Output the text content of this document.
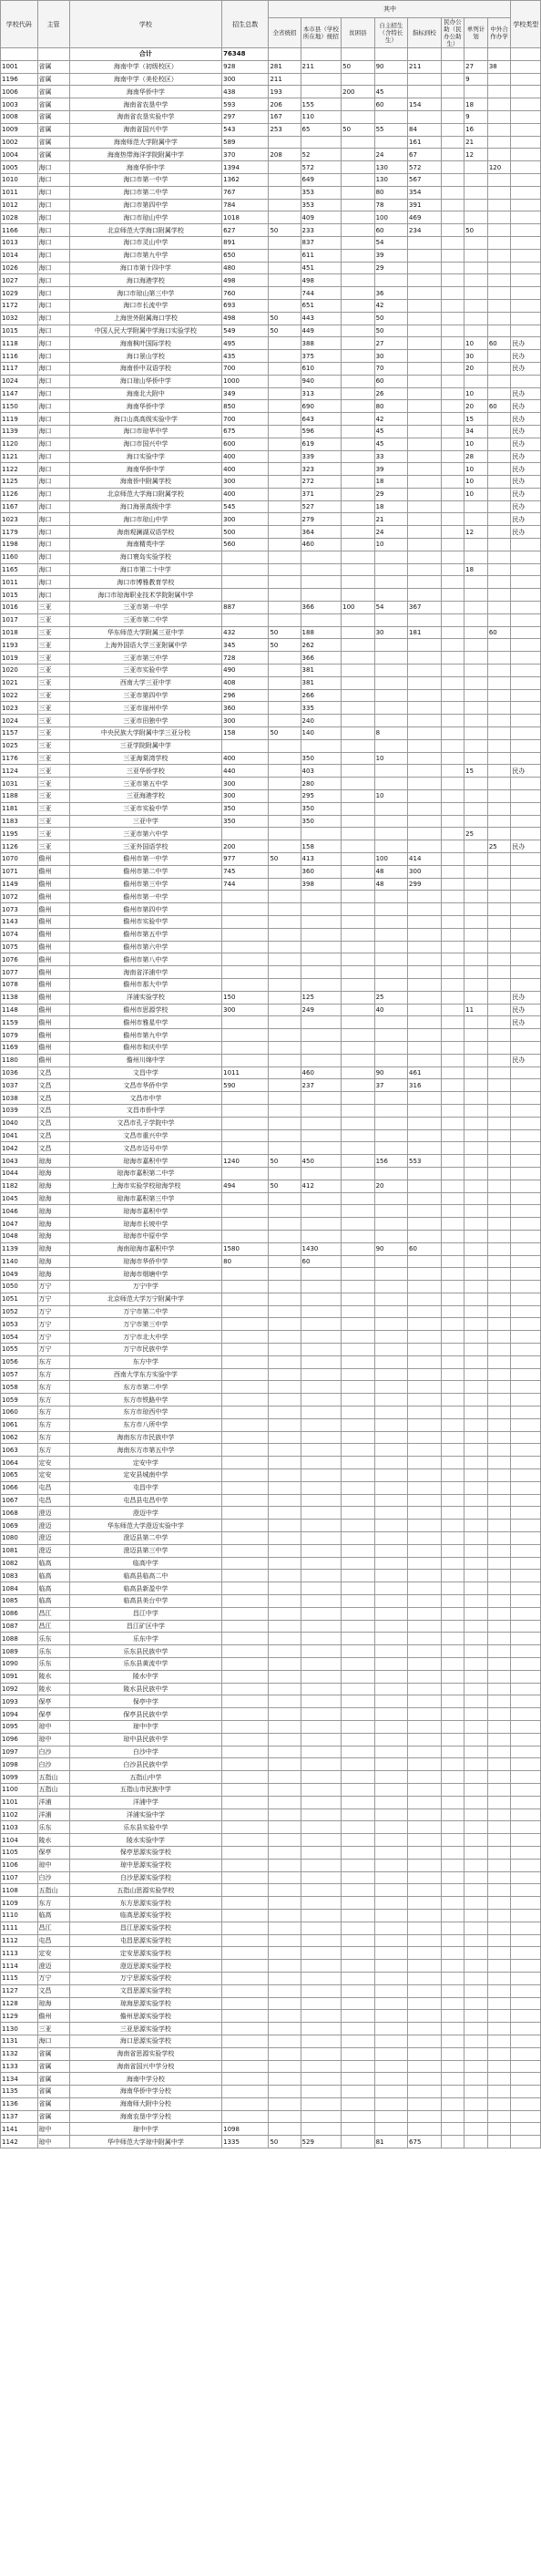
学校代码	主管	学校	招生总数	其中								学校类型
				全省统招	本市县（学校所在地）统招	贫困县	自主招生（含特长生）	指标到校	民办公助（民办公助生）	单列计划	中外合作办学	
		合计	76348									
1001	省属	海南中学（初级校区）	928	281	211	50	90	211		27	38	
1196	省属	海南中学（美伦校区）	300	211						9		
1006	省属	海南华侨中学	438	193		200	45					
1003	省属	海南省农垦中学	593	206	155		60	154		18		
1008	省属	海南省农垦实验中学	297	167	110					9		
1009	省属	海南省国兴中学	543	253	65	50	55	84		16		
1002	省属	海南师范大学附属中学	589					161		21		
1004	省属	海南热带海洋学院附属中学	370	208	52		24	67		12		
1005	海口	海南华侨中学	1394		572		130	572			120	
1010	海口	海口市第一中学	1362		649		130	567				
1011	海口	海口市第二中学	767		353		80	354				
1012	海口	海口市第四中学	784		353		78	391				
1028	海口	海口市琼山中学	1018		409		100	469				
1166	海口	北京师范大学海口附属学校	627	50	233		60	234		50		
1013	海口	海口市灵山中学	891		837		54					
1014	海口	海口市第九中学	650		611		39					
1026	海口	海口市第十四中学	480		451		29					
1027	海口	海口海港学校	498		498							
1029	海口	海口市琼山第三中学	760		744		36					
1172	海口	海口市长流中学	693		651		42					
1032	海口	上海世外附属海口学校	498	50	443		50					
1015	海口	中国人民大学附属中学海口实验学校	549	50	449		50					
1118	海口	海南枫叶国际学校	495		388		27			10	60	民办
1116	海口	海口景山学校	435		375		30			30		民办
1117	海口	海南侨中双语学校	700		610		70			20		民办
1024	海口	海口琼山华侨中学	1000		940		60					
1147	海口	海南北大附中	349		313		26			10		民办
1150	海口	海南华侨中学	850		690		80			20	60	民办
1119	海口	海口山高高级实验中学	700		643		42			15		民办
1139	海口	海口市琼华中学	675		596		45			34		民办
1120	海口	海口市国兴中学	600		619		45			10		民办
1121	海口	海口实验中学	400		339		33			28		民办
1122	海口	海南华侨中学	400		323		39			10		民办
1125	海口	海南侨中附属学校	300		272		18			10		民办
1126	海口	北京师范大学海口附属学校	400		371		29			10		民办
1167	海口	海口海景高级中学	545		527		18					民办
1023	海口	海口市琼山中学	300		279		21					民办
1179	海口	海南观澜湖双语学校	500		364		24			12		民办
1198	海口	海南精英中学	560		460		10					
1160	海口	海口寰岛实验学校										
1165	海口	海口市第二十中学								18		
1011	海口	海口市博雅教育学校										
1015	海口	海口市琼海职业技术学院附属中学										
1016	三亚	三亚市第一中学	887		366	100	54	367				
1017	三亚	三亚市第二中学										
1018	三亚	华东师范大学附属三亚中学	432	50	188		30	181			60	
1193	三亚	上海外国语大学三亚附属中学	345	50	262							
1019	三亚	三亚市第三中学	728		366							
1020	三亚	三亚市实验中学	490		381							
1021	三亚	西南大学三亚中学	408		381							
1022	三亚	三亚市第四中学	296		266							
1023	三亚	三亚市崖州中学	360		335							
1024	三亚	三亚市田独中学	300		240							
1157	三亚	中央民族大学附属中学三亚分校	158	50	140		8					
1025	三亚	三亚学院附属中学										
1176	三亚	三亚海棠湾学校	400		350		10					
1124	三亚	三亚华侨学校	440		403					15		民办
1031	三亚	三亚市第五中学	300		280							
1188	三亚	三亚海港学校	300		295		10					
1181	三亚	三亚市实验中学	350		350							
1183	三亚	三亚中学	350		350							
1195	三亚	三亚市第六中学								25		
1126	三亚	三亚外国语学校	200		158						25	民办
1070	儋州	儋州市第一中学	977	50	413		100	414				
1071	儋州	儋州市第二中学	745		360		48	300				
1149	儋州	儋州市第三中学	744		398		48	299				
1072	儋州	儋州市第一中学										
1073	儋州	儋州市第四中学										
1143	儋州	儋州市实验中学										
1074	儋州	儋州市第五中学										
1075	儋州	儋州市第六中学										
1076	儋州	儋州市第八中学										
1077	儋州	海南省洋浦中学										
1078	儋州	儋州市那大中学										
1138	儋州	洋浦实验学校	150		125		25					民办
1148	儋州	儋州市思源学校	300		249		40			11		民办
1159	儋州	儋州市雅星中学										民办
1079	儋州	儋州市第九中学										
1169	儋州	儋州市和庆中学										
1180	儋州	儋州川绵中学										民办
1036	文昌	文昌中学	1011		460		90	461				
1037	文昌	文昌市华侨中学	590		237		37	316				
1038	文昌	文昌市中学										
1039	文昌	文昌市侨中学										
1040	文昌	文昌市孔子学院中学										
1041	文昌	文昌市重兴中学										
1042	文昌	文昌市迈号中学										
1043	琼海	琼海市嘉积中学	1240	50	450		156	553				
1044	琼海	琼海市嘉积第二中学										
1182	琼海	上海市实验学校琼海学校	494	50	412		20					
1045	琼海	琼海市嘉积第三中学										
1046	琼海	琼海市嘉积中学										
1047	琼海	琼海市长坡中学										
1048	琼海	琼海市中原中学										
1139	琼海	海南琼海市嘉积中学	1580		1430		90	60				
1140	琼海	琼海市华侨中学	80		60							
1049	琼海	琼海市烟塘中学										
1050	万宁	万宁中学										
1051	万宁	北京师范大学万宁附属中学										
1052	万宁	万宁市第二中学										
1053	万宁	万宁市第三中学										
1054	万宁	万宁市北大中学										
1055	万宁	万宁市民族中学										
1056	东方	东方中学										
1057	东方	西南大学东方实验中学										
1058	东方	东方市第二中学										
1059	东方	东方市铁路中学										
1060	东方	东方市琼西中学										
1061	东方	东方市八所中学										
1062	东方	海南东方市民族中学										
1063	东方	海南东方市第五中学										
1064	定安	定安中学										
1065	定安	定安县城南中学										
1066	屯昌	屯昌中学										
1067	屯昌	屯昌县屯昌中学										
1068	澄迈	澄迈中学										
1069	澄迈	华东师范大学澄迈实验中学										
1080	澄迈	澄迈县第二中学										
1081	澄迈	澄迈县第三中学										
1082	临高	临高中学										
1083	临高	临高县临高二中										
1084	临高	临高县新盈中学										
1085	临高	临高县美台中学										
1086	昌江	昌江中学										
1087	昌江	昌江矿区中学										
1088	乐东	乐东中学										
1089	乐东	乐东县民族中学										
1090	乐东	乐东县黄流中学										
1091	陵水	陵水中学										
1092	陵水	陵水县民族中学										
1093	保亭	保亭中学										
1094	保亭	保亭县民族中学										
1095	琼中	琼中中学										
1096	琼中	琼中县民族中学										
1097	白沙	白沙中学										
1098	白沙	白沙县民族中学										
1099	五指山	五指山中学										
1100	五指山	五指山市民族中学										
1101	洋浦	洋浦中学										
1102	洋浦	洋浦实验中学										
1103	乐东	乐东县实验中学										
1104	陵水	陵水实验中学										
1105	保亭	保亭思源实验学校										
1106	琼中	琼中思源实验学校										
1107	白沙	白沙思源实验学校										
1108	五指山	五指山思源实验学校										
1109	东方	东方思源实验学校										
1110	临高	临高思源实验学校										
1111	昌江	昌江思源实验学校										
1112	屯昌	屯昌思源实验学校										
1113	定安	定安思源实验学校										
1114	澄迈	澄迈思源实验学校										
1115	万宁	万宁思源实验学校										
1127	文昌	文昌思源实验学校										
1128	琼海	琼海思源实验学校										
1129	儋州	儋州思源实验学校										
1130	三亚	三亚思源实验学校										
1131	海口	海口思源实验学校										
1132	省属	海南省思源实验学校										
1133	省属	海南省国兴中学分校										
1134	省属	海南中学分校										
1135	省属	海南华侨中学分校										
1136	省属	海南师大附中分校										
1137	省属	海南农垦中学分校										
1141	琼中	琼中中学	1098									
1142	琼中	华中师范大学琼中附属中学	1335	50	529		81	675				
